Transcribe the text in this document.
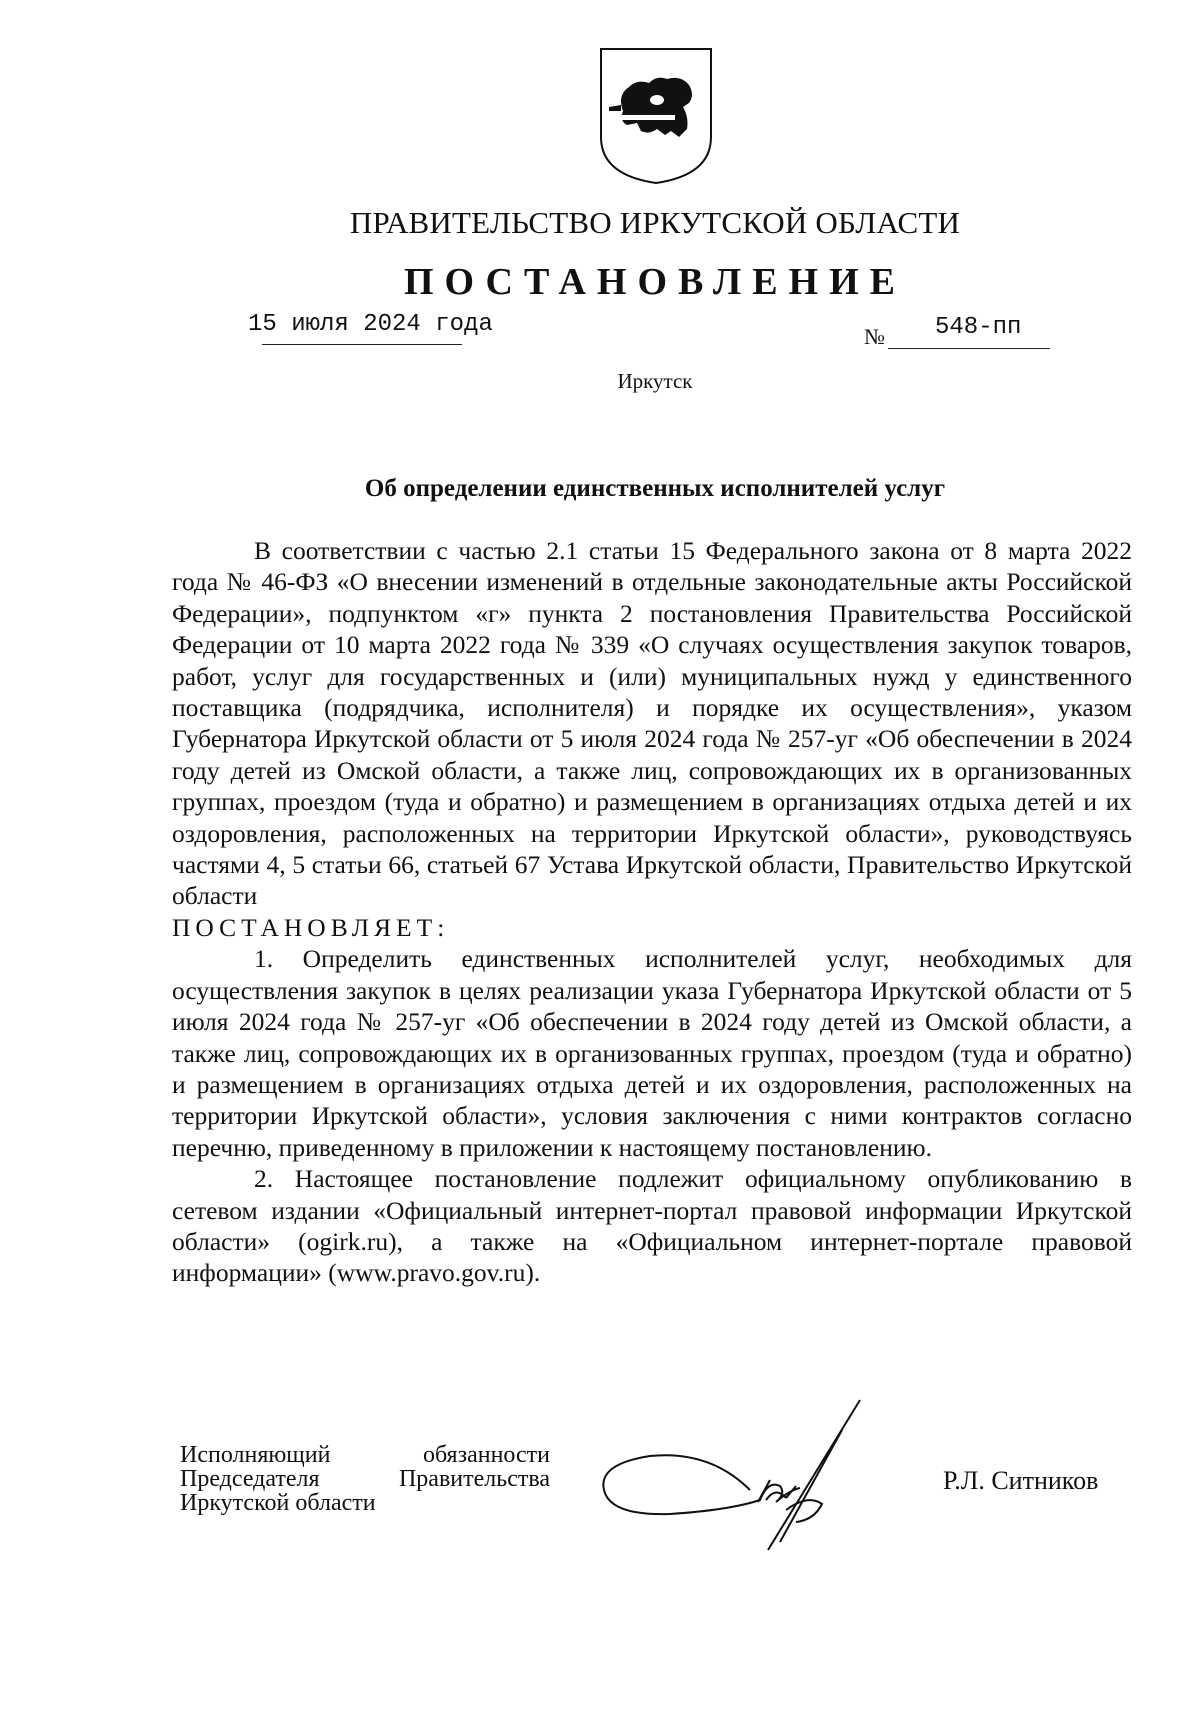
ПРАВИТЕЛЬСТВО ИРКУТСКОЙ ОБЛАСТИ
ПОСТАНОВЛЕНИЕ
15 июля 2024 года	№ 548-пп
Иркутск
Об определении единственных исполнителей услуг

В соответствии с частью 2.1 статьи 15 Федерального закона от 8 марта 2022 года № 46-ФЗ «О внесении изменений в отдельные законодательные акты Российской Федерации», подпунктом «г» пункта 2 постановления Правительства Российской Федерации от 10 марта 2022 года № 339 «О случаях осуществления закупок товаров, работ, услуг для государственных и (или) муниципальных нужд у единственного поставщика (подрядчика, исполнителя) и порядке их осуществления», указом Губернатора Иркутской области от 5 июля 2024 года № 257-уг «Об обеспечении в 2024 году детей из Омской области, а также лиц, сопровождающих их в организованных группах, проездом (туда и обратно) и размещением в организациях отдыха детей и их оздоровления, расположенных на территории Иркутской области», руководствуясь частями 4, 5 статьи 66, статьей 67 Устава Иркутской области, Правительство Иркутской области

ПОСТАНОВЛЯЕТ:

1. Определить единственных исполнителей услуг, необходимых для осуществления закупок в целях реализации указа Губернатора Иркутской области от 5 июля 2024 года № 257-уг «Об обеспечении в 2024 году детей из Омской области, а также лиц, сопровождающих их в организованных группах, проездом (туда и обратно) и размещением в организациях отдыха детей и их оздоровления, расположенных на территории Иркутской области», условия заключения с ними контрактов согласно перечню, приведенному в приложении к настоящему постановлению.

2. Настоящее постановление подлежит официальному опубликованию в сетевом издании «Официальный интернет-портал правовой информации Иркутской области» (ogirk.ru), а также на «Официальном интернет-портале правовой информации» (www.pravo.gov.ru).

Исполняющий обязанности
Председателя Правительства
Иркутской области
Р.Л. Ситников
